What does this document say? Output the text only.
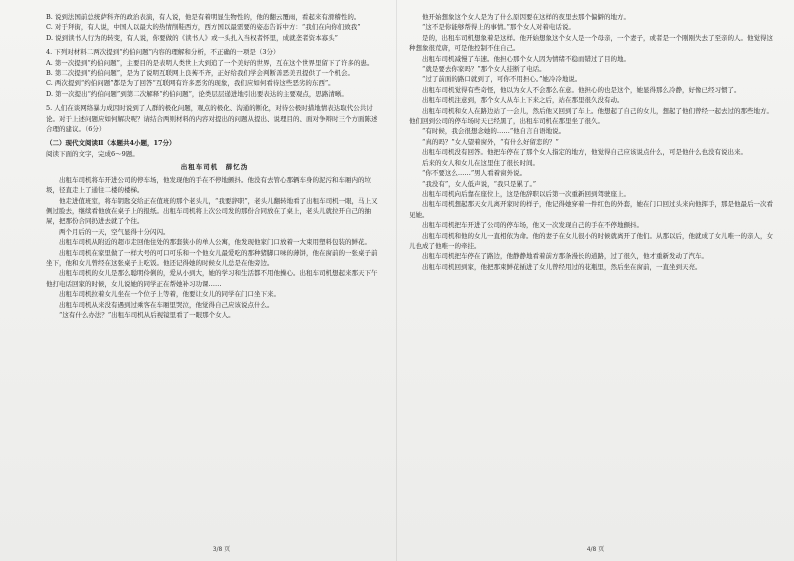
B. 说到法国前总统萨科齐的政治表演，有人说，他是有着明显生物性的，他的翻云覆雨，看起来有滑稽性的。

C. 对于拜街，有人说，中国人以最大的热情削鞋西方，西方国以最需要的姿态告诉中方：“我们在向你们致我”

D. 说到读书人行为的转变，有人说，你要做的《读书人》或一头扎入当权者怀里，成就垄者资本寡头”

4. 下列对材料二两次提到“约伯问题”内容的理解和分析，不正确的一项是（3分）

A. 第一次提到“约伯问题”，主要目的是表明人类世上大到追了一个美好的世界，互在这个世界里留下了许多的患。

B. 第二次提到“约伯问题”，是为了说明互联网上良莠不齐，正好给我们学会判断善恶美丑提供了一个机会。

C. 两次提到“约伯问题”都是为了回答“互联网有许多恶劣的现象，我们应如何看待这些恶劣的东西”。

D. 第一次提出“约伯问题”到第二次解释“约伯问题”，论类层层递进地引出要表达的主要观点，思路清晰。

5. 人们在谈网络暴力成因时说到了人群的极化问题，观点的极化、沟通的断化，对待公极时措地情表达取代公共讨论。对于上述问题应如何解决呢？请结合两则材料的内容对提出的问题从提出、说理目的、面对争辩时三个方面陈述合理的建议。（6分）

（二）现代文阅读Ⅱ（本题共4小题，17分）

阅读下面的文字，完成6～9题。

出租车司机　薛忆沩

出租车司机将车开进公司的停车场，他发现他的手在不停地颤抖。他没有去管心那辆车身的泥污和车厢内的垃圾，径直走上了通往二楼的楼梯。

他走进值班室，将车钥匙交给正在值班的那个老头儿，“我要辞职”，老头儿翻转地看了出租车司机一眼，马上又侧过脸去，继续看他放在桌子上的报纸。出租车司机将上次公司发的那份合同放在了桌上，老头儿就拉开自己的抽屉，把那份合同扔进去就了个往。

两个月后的一天，空气显得十分闪闪。

出租车司机从附近的超市走回他住处的那套狭小的单人公寓，他发现他家门口放着一大束用塑料包装的鲜花。

出租车司机在家里做了一样大号的可口可乐和一个他女儿最爱吃的那种猪脚口味的薄饼，他在窗前的一张桌子前坐下，他和女儿曾经在这张桌子上吃饭。他还记得她的时候女儿总是在他旁边。

出租车司机的女儿是那么聪明伶俐的，爱从小到大，她的学习和生活都不用他操心。出租车司机想起来那天下午他打电话回家的时候，女儿说她的同学正在帮她补习功课……

出租车司机拉着女儿坐在一个位子上等着，他要让女儿的同学在门口坐下来。

出租车司机从来没有遇到过乘客在车厢里哭泣，他觉得自己应该说点什么。

“这有什么办法？”出租车司机从后视镜里看了一眼那个女人。

3/8 页

他开始想象这个女人是为了什么原因要在这样的夜里去那个偏僻的地方。

“这不是你能够帮得上的事情。”那个女人对着电话说。

是的，出租车司机想象着是这样。他开始想象这个女人是一个母亲，一个妻子，或者是一个刚刚失去了至亲的人。他觉得这种想象很荒唐，可是他控制不住自己。

出租车司机减慢了车速。他担心那个女人因为情绪不稳而错过了目的地。

“就是要去你家吗？”那个女人挂断了电话。

“过了前面的路口就到了，可你不用担心。”她冷冷地说。

出租车司机觉得有些奇怪，他以为女人不会那么在意。他担心的也是这个，她显得那么冷静，好像已经习惯了。

出租车司机注意到，那个女人从车上下来之后，站在那里很久没有动。

出租车司机和女人在路边站了一会儿，然后他又回到了车上。他想起了自己的女儿，想起了他们曾经一起去过的那些地方。他们回到公司的停车场时天已经黑了，出租车司机在那里坐了很久。

“有时候，我会很想念她的……”他自言自语地说。

“真的吗？”女人望着窗外，“有什么好留恋的？”

出租车司机没有回答。他把车停在了那个女人指定的地方，他觉得自己应该说点什么，可是他什么也没有说出来。

后来的女人和女儿在这里住了很长时间。

“你不要这么……”男人看着窗外说。

“我没有”，女人低声说，“我只是累了。”

出租车司机向后靠在座位上，这是他辞职以后第一次重新回到驾驶座上。

出租车司机想起那天女儿离开家时的样子，他记得她穿着一件红色的外套，她在门口回过头来向他挥手，那是他最后一次看见她。

出租车司机把车开进了公司的停车场，他又一次发现自己的手在不停地颤抖。

出租车司机和他的女儿一直相依为命。他的妻子在女儿很小的时候就离开了他们。从那以后，他就成了女儿唯一的亲人，女儿也成了他唯一的牵挂。

出租车司机把车停在了路边，他静静地看着前方那条漫长的道路，过了很久，他才重新发动了汽车。

出租车司机回到家，他把那束鲜花插进了女儿曾经用过的花瓶里，然后坐在窗前，一直坐到天亮。

4/8 页
